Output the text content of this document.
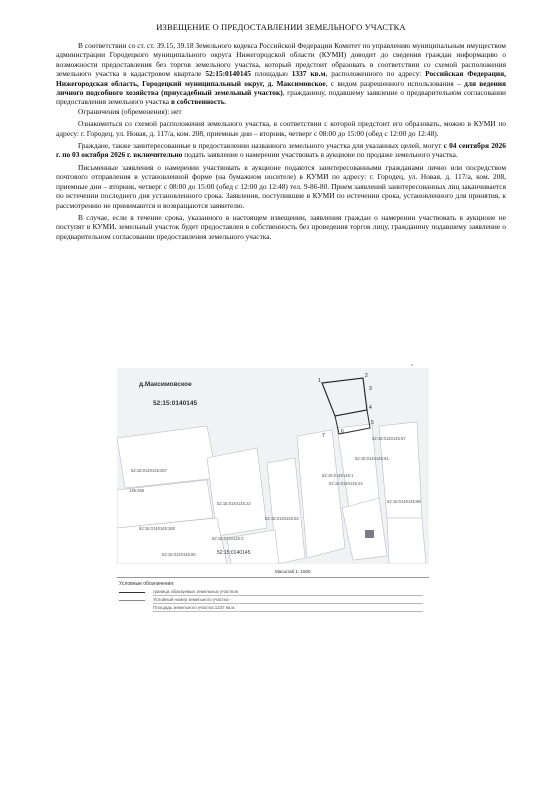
ИЗВЕЩЕНИЕ О ПРЕДОСТАВЛЕНИИ ЗЕМЕЛЬНОГО УЧАСТКА

В соответствии со ст. ст. 39.15, 39.18 Земельного кодекса Российской Федерации Комитет по управлению муниципальным имуществом администрации Городецкого муниципального округа Нижегородской области (КУМИ) доводит до сведения граждан информацию о возможности предоставления без торгов земельного участка, который предстоит образовать в соответствии со схемой расположения земельного участка в кадастровом квартале 52:15:0140145 площадью 1337 кв.м, расположенного по адресу: Российская Федерация, Нижегородская область, Городецкий муниципальный округ, д. Максимовское, с видом разрешенного использования – для ведения личного подсобного хозяйства (приусадебный земельный участок), гражданину, подавшему заявление о предварительном согласовании предоставления земельного участка в собственность.

Ограничения (обременения): нет

Ознакомиться со схемой расположения земельного участка, в соответствии с которой предстоит его образовать, можно в КУМИ по адресу: г. Городец, ул. Новая, д. 117/а, ком. 208, приемные дни – вторник, четверг с 08:00 до 15:00 (обед с 12:00 до 12:48).

Граждане, также заинтересованные в предоставлении названного земельного участка для указанных целей, могут с 04 сентября 2026 г. по 03 октября 2026 г. включительно подать заявление о намерении участвовать в аукционе по продаже земельного участка.

Письменные заявления о намерении участвовать в аукционе подаются заинтересованными гражданами лично или посредством почтового отправления в установленной форме (на бумажном носителе) в КУМИ по адресу: г. Городец, ул. Новая, д. 117/а, ком. 208, приемные дни – вторник, четверг с 08:00 до 15:00 (обед с 12:00 до 12:48) тел. 9-86-80. Прием заявлений заинтересованных лиц заканчивается по истечении последнего дня установленного срока. Заявления, поступившие в КУМИ по истечении срока, установленного для принятия, к рассмотрению не принимаются и возвращаются заявителю.

В случае, если в течение срока, указанного в настоящем извещении, заявления граждан о намерении участвовать в аукционе не поступят в КУМИ, земельный участок будет предоставлен в собственность без проведения торгов лицу, гражданину подавшему заявление о предварительном согласовании предоставления земельного участка.

s
д.Максимовское
52:15:0140145
1
2
3
4
5
6
7	52:15:0140145:57
52:15:0140145:61
52:15:0140145:1
52:15:0140145:24
52:15:0140145:98
52:15:0140145:267
145:266
52:15:0140145:22
52:15:0140145:83
52:15:0140145:260
52:15:0140145:3
52:15:0140145:80	52:15:0140145
Масштаб 1: 1500
Условные обозначения:
граница образуемых земельных участков
Условный номер земельного участка -
Площадь земельного участка 1337 кв.м.
